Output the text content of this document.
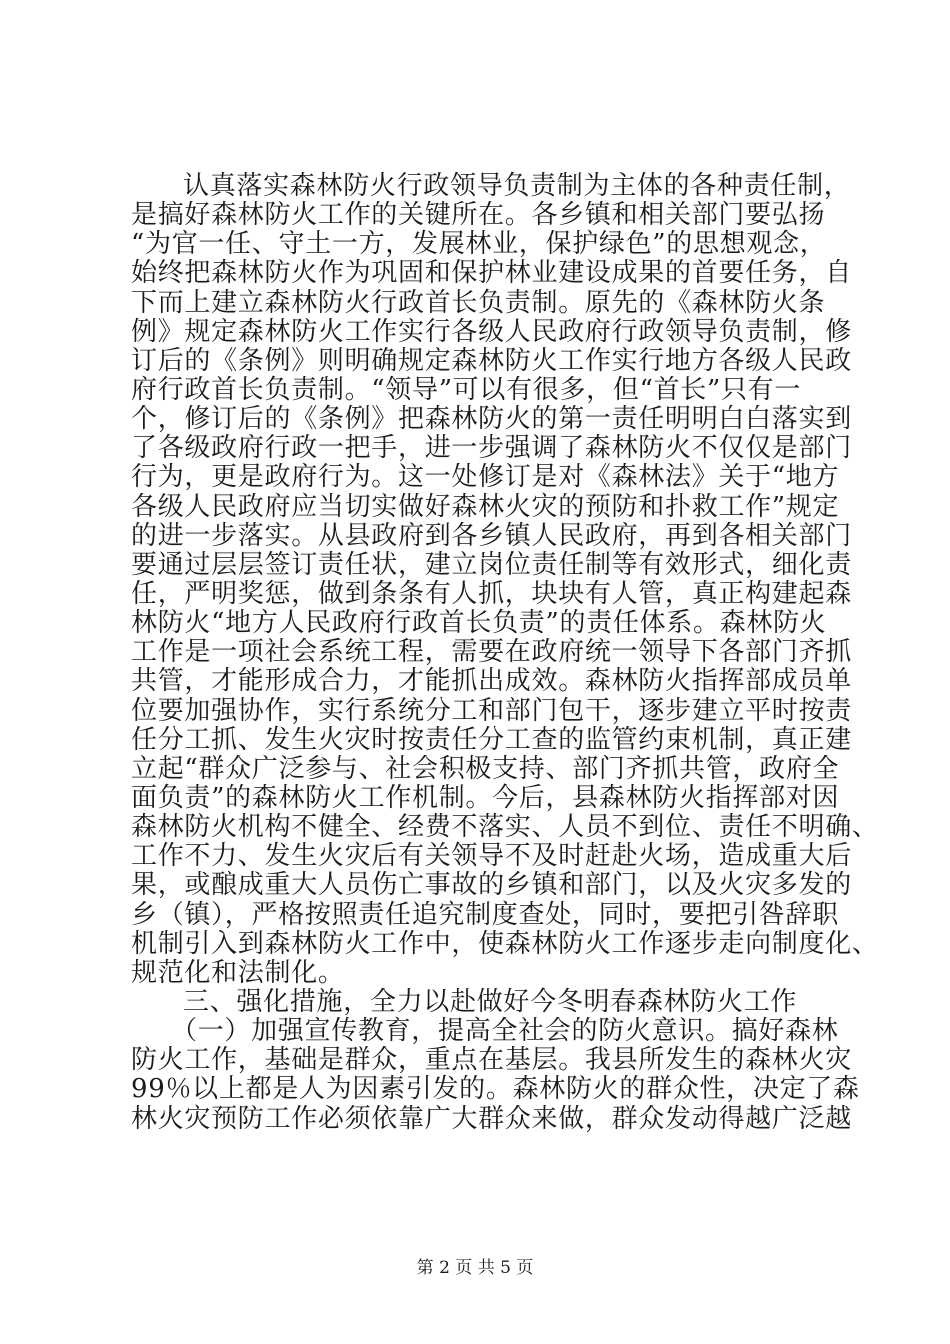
认真落实森林防火行政领导负责制为主体的各种责任制，
是搞好森林防火工作的关键所在。各乡镇和相关部门要弘扬
“为官一任、守土一方，发展林业，保护绿色”的思想观念，
始终把森林防火作为巩固和保护林业建设成果的首要任务，自
下而上建立森林防火行政首长负责制。原先的《森林防火条
例》规定森林防火工作实行各级人民政府行政领导负责制，修
订后的《条例》则明确规定森林防火工作实行地方各级人民政
府行政首长负责制。“领导”可以有很多，但“首长”只有一
个，修订后的《条例》把森林防火的第一责任明明白白落实到
了各级政府行政一把手，进一步强调了森林防火不仅仅是部门
行为，更是政府行为。这一处修订是对《森林法》关于“地方
各级人民政府应当切实做好森林火灾的预防和扑救工作”规定
的进一步落实。从县政府到各乡镇人民政府，再到各相关部门
要通过层层签订责任状，建立岗位责任制等有效形式，细化责
任，严明奖惩，做到条条有人抓，块块有人管，真正构建起森
林防火“地方人民政府行政首长负责”的责任体系。森林防火
工作是一项社会系统工程，需要在政府统一领导下各部门齐抓
共管，才能形成合力，才能抓出成效。森林防火指挥部成员单
位要加强协作，实行系统分工和部门包干，逐步建立平时按责
任分工抓、发生火灾时按责任分工查的监管约束机制，真正建
立起“群众广泛参与、社会积极支持、部门齐抓共管，政府全
面负责”的森林防火工作机制。今后，县森林防火指挥部对因
森林防火机构不健全、经费不落实、人员不到位、责任不明确、
工作不力、发生火灾后有关领导不及时赶赴火场，造成重大后
果，或酿成重大人员伤亡事故的乡镇和部门，以及火灾多发的
乡（镇），严格按照责任追究制度查处，同时，要把引咎辞职
机制引入到森林防火工作中，使森林防火工作逐步走向制度化、
规范化和法制化。
三、强化措施，全力以赴做好今冬明春森林防火工作
（一）加强宣传教育，提高全社会的防火意识。搞好森林
防火工作，基础是群众，重点在基层。我县所发生的森林火灾
99％以上都是人为因素引发的。森林防火的群众性，决定了森
林火灾预防工作必须依靠广大群众来做，群众发动得越广泛越
第 2 页 共 5 页
